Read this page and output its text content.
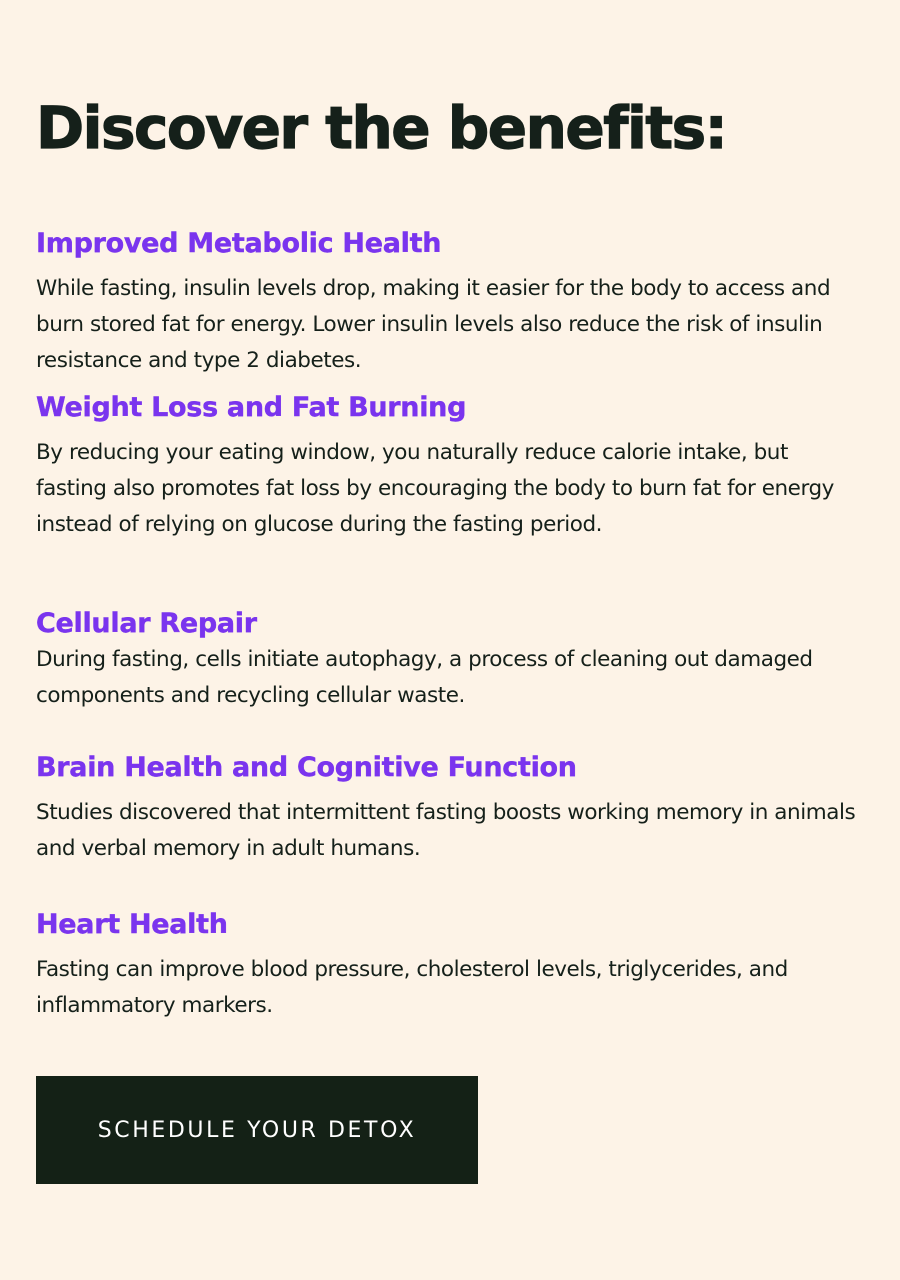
Discover the benefits:
Improved Metabolic Health

While fasting, insulin levels drop, making it easier for the body to access and burn stored fat for energy. Lower insulin levels also reduce the risk of insulin resistance and type 2 diabetes.

Weight Loss and Fat Burning

By reducing your eating window, you naturally reduce calorie intake, but fasting also promotes fat loss by encouraging the body to burn fat for energy instead of relying on glucose during the fasting period.

Cellular Repair

During fasting, cells initiate autophagy, a process of cleaning out damaged components and recycling cellular waste.

Brain Health and Cognitive Function

Studies discovered that intermittent fasting boosts working memory in animals and verbal memory in adult humans.

Heart Health

Fasting can improve blood pressure, cholesterol levels, triglycerides, and inflammatory markers.

SCHEDULE YOUR DETOX
